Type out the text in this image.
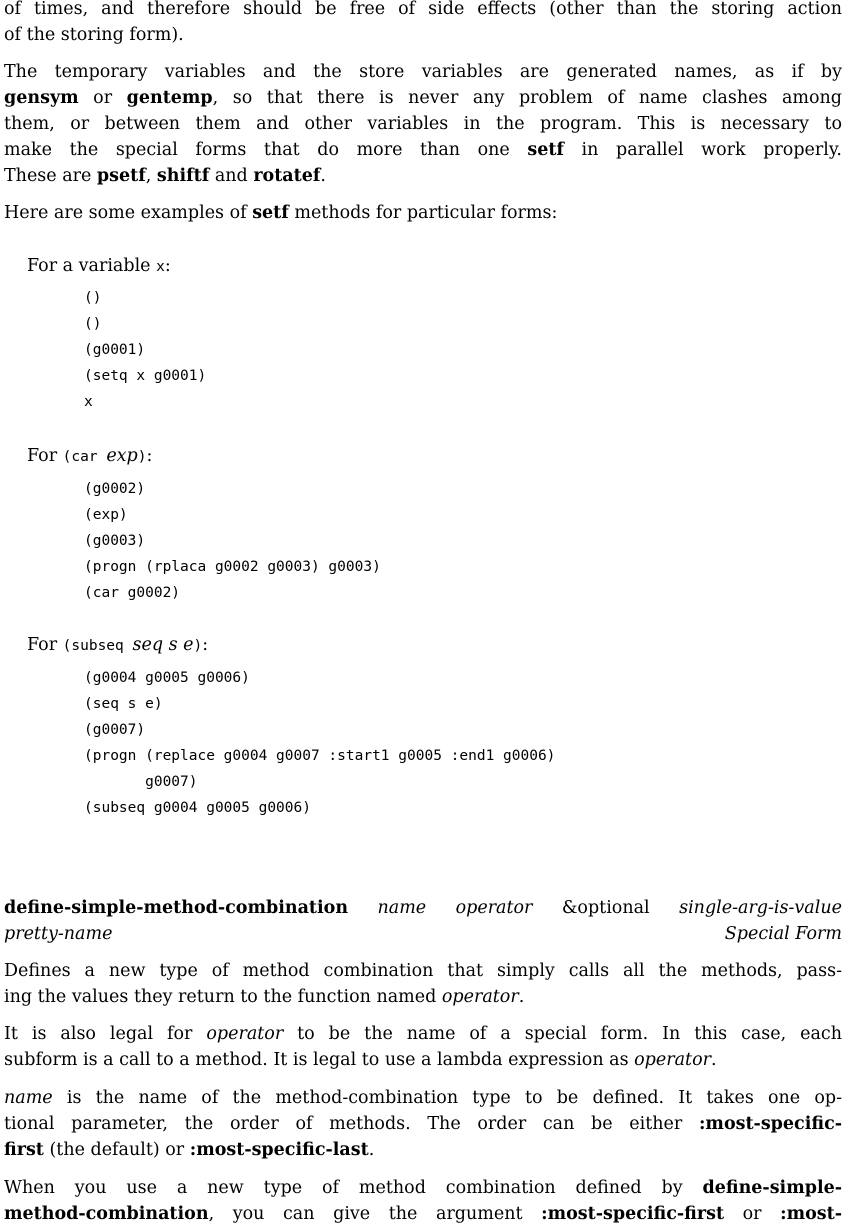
of times, and therefore should be free of side effects (other than the storing action
of the storing form).
The temporary variables and the store variables are generated names, as if by
gensym or gentemp, so that there is never any problem of name clashes among
them, or between them and other variables in the program. This is necessary to
make the special forms that do more than one setf in parallel work properly.
These are psetf, shiftf and rotatef.
Here are some examples of setf methods for particular forms:
For a variable x:
()
()
(g0001)
(setq x g0001)
x
For (car exp):
(g0002)
(exp)
(g0003)
(progn (rplaca g0002 g0003) g0003)
(car g0002)
For (subseq seq s e):
(g0004 g0005 g0006)
(seq s e)
(g0007)
(progn (replace g0004 g0007 :start1 g0005 :end1 g0006)
g0007)
(subseq g0004 g0005 g0006)
define-simple-method-combination name operator &optional single-arg-is-value
pretty-name	Special Form
Defines a new type of method combination that simply calls all the methods, pass-
ing the values they return to the function named operator.
It is also legal for operator to be the name of a special form. In this case, each
subform is a call to a method. It is legal to use a lambda expression as operator.
name is the name of the method-combination type to be defined. It takes one op-
tional parameter, the order of methods. The order can be either :most-specific-
first (the default) or :most-specific-last.
When you use a new type of method combination defined by define-simple-
method-combination, you can give the argument :most-specific-first or :most-
